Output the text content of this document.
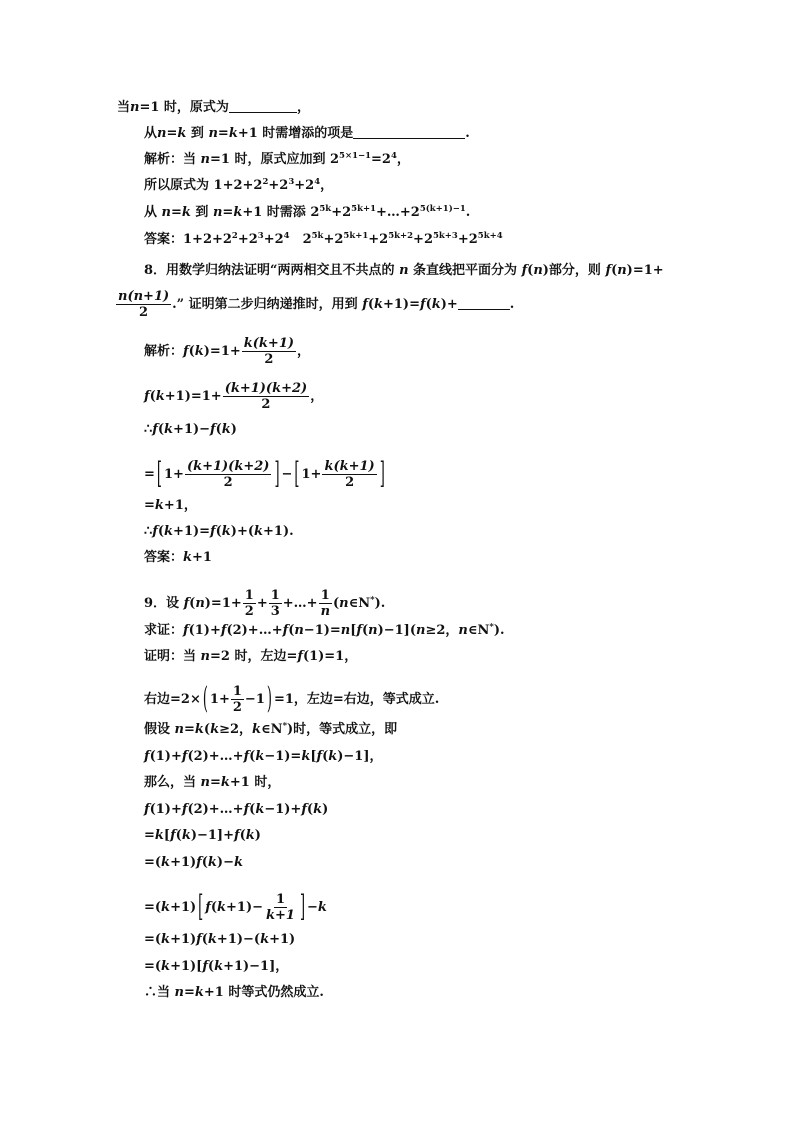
当n=1 时，原式为	，
从n=k 到 n=k+1 时需增添的项是	.
解析：当 n=1 时，原式应加到 $2^{5\times 1-1}=2^4$，
所以原式为 $1+2+2^2+2^3+2^4$，
从 n=k 到 n=k+1 时需添 $2^{5k}+2^{5k+1}+\dots+2^{5(k+1)-1}$.
答案：$1+2+2^2+2^3+2^4$　$2^{5k}+2^{5k+1}+2^{5k+2}+2^{5k+3}+2^{5k+4}$
8．用数学归纳法证明“两两相交且不共点的 n 条直线把平面分为 f(n)部分，则 f(n)=1+
$\frac{n(n+1)}{2}$ .” 证明第二步归纳递推时，用到 f(k+1)=f(k)+	.
解析：$f(k)=1+ \frac{k(k+1)}{2}$ ，
$f(k+1)=1+ \frac{(k+1)(k+2)}{2}$ ，
∴f(k+1)−f(k)
= [ $1+ \frac{(k+1)(k+2)}{2}$ ] − [ $1+ \frac{k(k+1)}{2}$ ]
=k+1，
∴f(k+1)=f(k)+(k+1).
答案：k+1
9．设 $f(n)=1+ \frac{1}{2} + \frac{1}{3}$ +…+ $\frac{1}{n}$ (n∈N*).
求证：f(1)+f(2)+…+f(n−1)=n[f(n)−1](n≥2，n∈N*).
证明：当 n=2 时，左边=f(1)=1，
右边=2× ( $1+ \frac{1}{2} -1$ ) =1，左边=右边，等式成立.
假设 n=k(k≥2，k∈N*)时，等式成立，即
f(1)+f(2)+…+f(k−1)=k[f(k)−1]，
那么，当 n=k+1 时，
f(1)+f(2)+…+f(k−1)+f(k)
=k[f(k)−1]+f(k)
=(k+1)f(k)−k
=(k+1) [ $f(k+1)- \frac{1}{k+1}$ ] −k
=(k+1)f(k+1)−(k+1)
=(k+1)[f(k+1)−1]，
∴当 n=k+1 时等式仍然成立.
